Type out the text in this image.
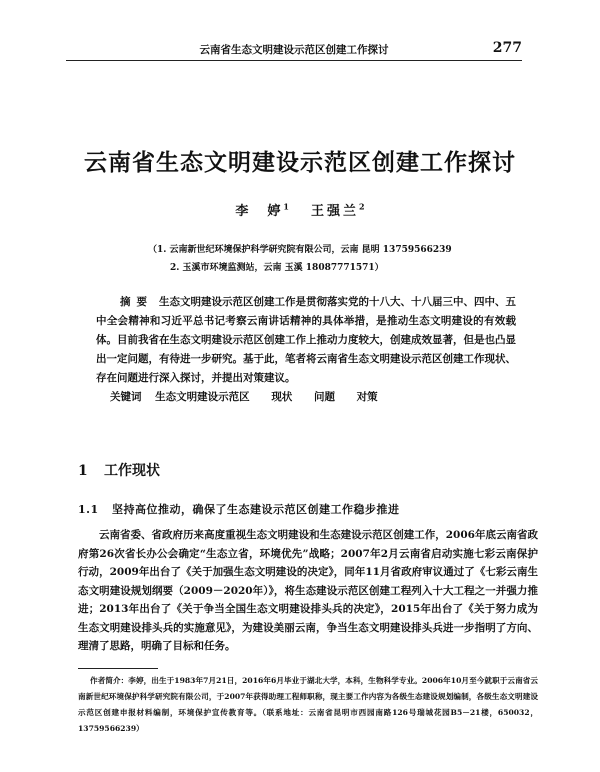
云南省生态文明建设示范区创建工作探讨	277
云南省生态文明建设示范区创建工作探讨
李　婷$^1$ 王强兰$^2$
（1. 云南新世纪环境保护科学研究院有限公司，云南 昆明 13759566239
2. 玉溪市环境监测站，云南 玉溪 18087771571）
摘要 生态文明建设示范区创建工作是贯彻落实党的十八大、十八届三中、四中、五中全会精神和习近平总书记考察云南讲话精神的具体举措，是推动生态文明建设的有效载体。目前我省在生态文明建设示范区创建工作上推动力度较大，创建成效显著，但是也凸显出一定问题，有待进一步研究。基于此，笔者将云南省生态文明建设示范区创建工作现状、存在问题进行深入探讨，并提出对策建议。
关键词 生态文明建设示范区 现状 问题 对策
1 工作现状
1.1 坚持高位推动，确保了生态建设示范区创建工作稳步推进
云南省委、省政府历来高度重视生态文明建设和生态建设示范区创建工作，2006年底云南省政府第26次省长办公会确定“生态立省，环境优先”战略；2007年2月云南省启动实施七彩云南保护行动，2009年出台了《关于加强生态文明建设的决定》，同年11月省政府审议通过了《七彩云南生态文明建设规划纲要（2009－2020年）》，将生态建设示范区创建工程列入十大工程之一并强力推进；2013年出台了《关于争当全国生态文明建设排头兵的决定》，2015年出台了《关于努力成为生态文明建设排头兵的实施意见》，为建设美丽云南，争当生态文明建设排头兵进一步指明了方向、理清了思路，明确了目标和任务。
作者简介：李婷，出生于1983年7月21日，2016年6月毕业于湖北大学，本科，生物科学专业。2006年10月至今就职于云南省云南新世纪环境保护科学研究院有限公司，于2007年获得助理工程师职称，现主要工作内容为各级生态建设规划编制，各级生态文明建设示范区创建申报材料编制，环境保护宣传教育等。（联系地址：云南省昆明市西园南路126号瑞城花园B5－21楼，650032，13759566239）
